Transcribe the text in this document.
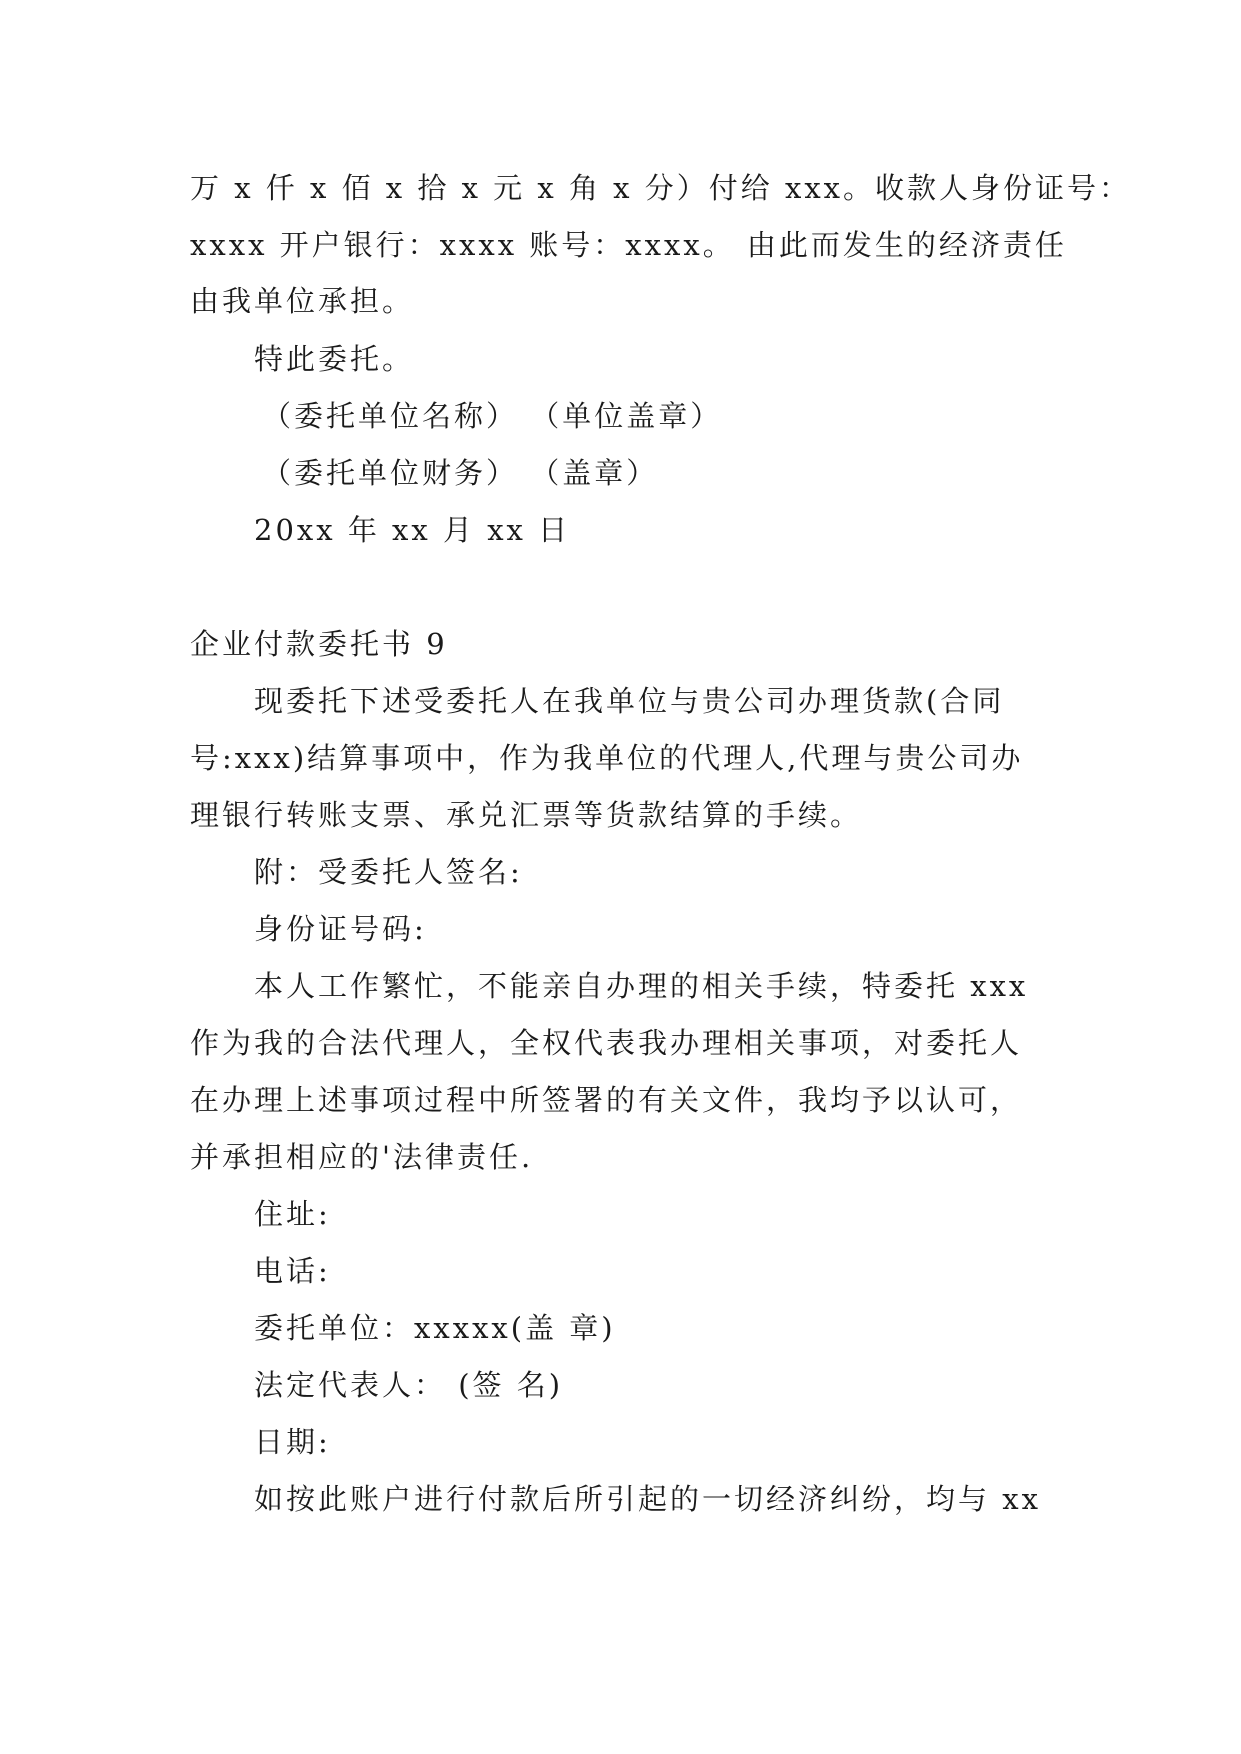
万 x 仟 x 佰 x 拾 x 元 x 角 x 分）付给 xxx。收款人身份证号：
xxxx 开户银行：xxxx 账号：xxxx。 由此而发生的经济责任
由我单位承担。
特此委托。
（委托单位名称） （单位盖章）
（委托单位财务） （盖章）
20xx 年 xx 月 xx 日
企业付款委托书 9
现委托下述受委托人在我单位与贵公司办理货款(合同
号:xxx)结算事项中，作为我单位的代理人,代理与贵公司办
理银行转账支票、承兑汇票等货款结算的手续。
附：受委托人签名:
身份证号码:
本人工作繁忙，不能亲自办理的相关手续，特委托 xxx
作为我的合法代理人，全权代表我办理相关事项，对委托人
在办理上述事项过程中所签署的有关文件，我均予以认可，
并承担相应的'法律责任.
住址:
电话:
委托单位：xxxxx(盖 章)
法定代表人： (签 名)
日期:
如按此账户进行付款后所引起的一切经济纠纷，均与 xx
